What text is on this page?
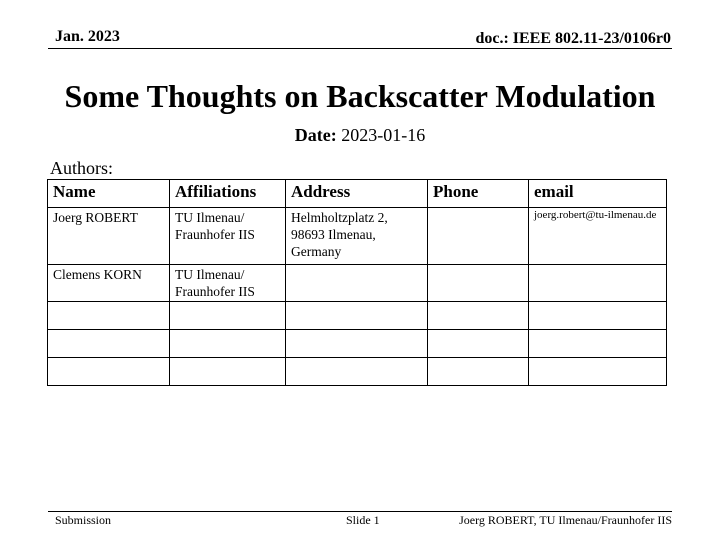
Jan. 2023	doc.: IEEE 802.11-23/0106r0
Some Thoughts on Backscatter Modulation
Date: 2023-01-16
Authors:
Name	Affiliations	Address	Phone	email
Joerg ROBERT	TU Ilmenau/ Fraunhofer IIS	Helmholtzplatz 2, 98693 Ilmenau, Germany		joerg.robert@tu-ilmenau.de
Clemens KORN	TU Ilmenau/ Fraunhofer IIS			

Submission	Slide 1	Joerg ROBERT, TU Ilmenau/Fraunhofer IIS
